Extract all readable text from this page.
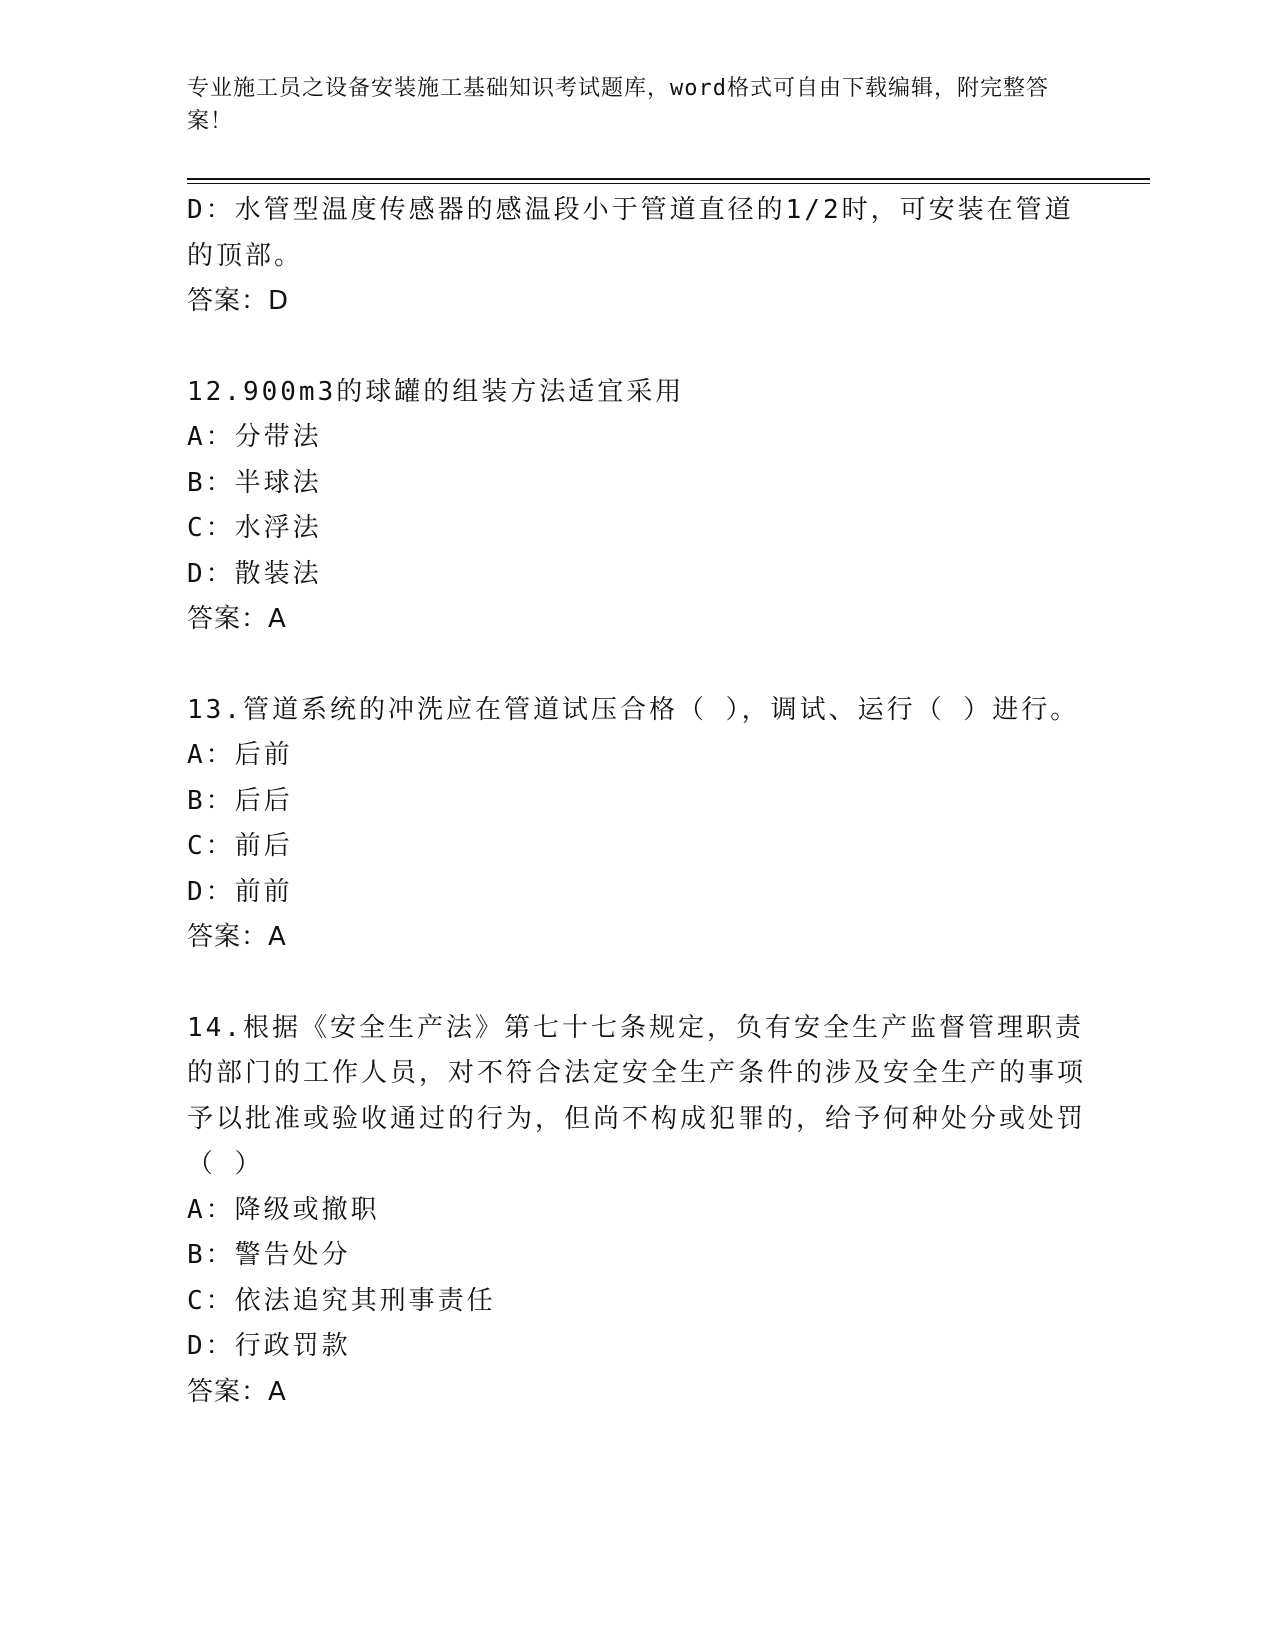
专业施工员之设备安装施工基础知识考试题库，word格式可自由下载编辑，附完整答案！
D：水管型温度传感器的感温段小于管道直径的1/2时，可安装在管道的顶部。
答案：D
12.900m3的球罐的组装方法适宜采用
A：分带法
B：半球法
C：水浮法
D：散装法
答案：A
13.管道系统的冲洗应在管道试压合格（ ），调试、运行（ ）进行。
A：后前
B：后后
C：前后
D：前前
答案：A
14.根据《安全生产法》第七十七条规定，负有安全生产监督管理职责的部门的工作人员，对不符合法定安全生产条件的涉及安全生产的事项予以批准或验收通过的行为，但尚不构成犯罪的，给予何种处分或处罚（ ）
A：降级或撤职
B：警告处分
C：依法追究其刑事责任
D：行政罚款
答案：A
